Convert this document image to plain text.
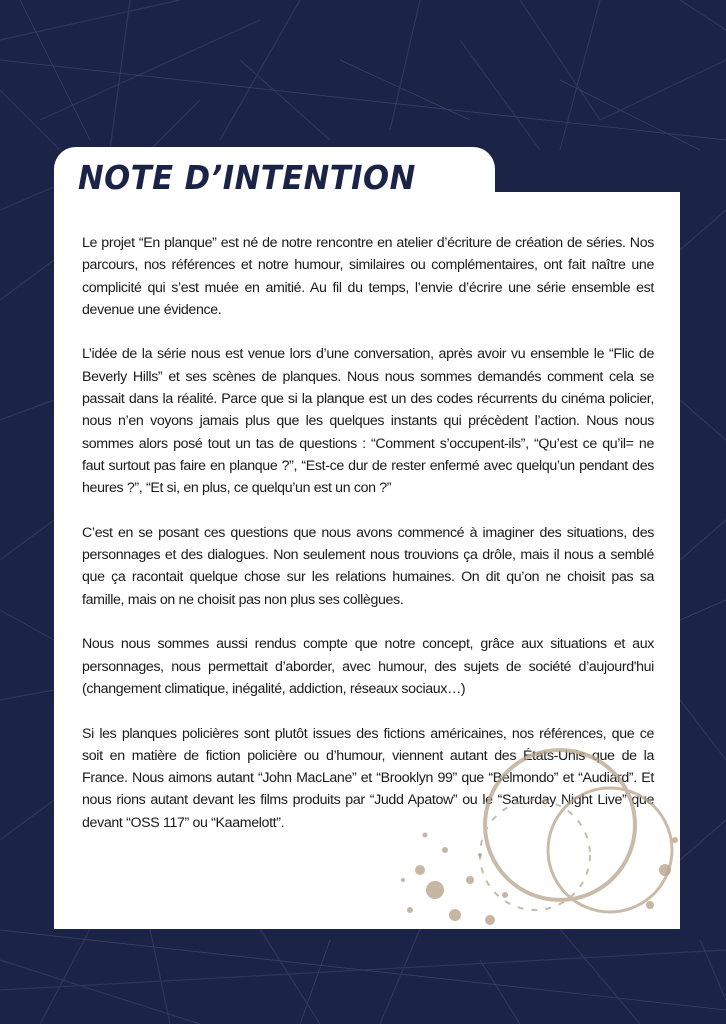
NOTE D’INTENTION

Le projet “En planque” est né de notre rencontre en atelier d’écriture de création de séries. Nos parcours, nos références et notre humour, similaires ou complémentaires, ont fait naître une complicité qui s’est muée en amitié. Au fil du temps, l’envie d’écrire une série ensemble est devenue une évidence.

L’idée de la série nous est venue lors d’une conversation, après avoir vu ensemble le “Flic de Beverly Hills” et ses scènes de planques. Nous nous sommes demandés comment cela se passait dans la réalité. Parce que si la planque est un des codes récurrents du cinéma policier, nous n’en voyons jamais plus que les quelques instants qui précèdent l’action. Nous nous sommes alors posé tout un tas de questions : “Comment s’occupent-ils”, “Qu’est ce qu’il= ne faut surtout pas faire en planque ?”, “Est-ce dur de rester enfermé avec quelqu’un pendant des heures ?”, “Et si, en plus, ce quelqu’un est un con ?”

C’est en se posant ces questions que nous avons commencé à imaginer des situations, des personnages et des dialogues. Non seulement nous trouvions ça drôle, mais il nous a semblé que ça racontait quelque chose sur les relations humaines. On dit qu’on ne choisit pas sa famille, mais on ne choisit pas non plus ses collègues.

Nous nous sommes aussi rendus compte que notre concept, grâce aux situations et aux personnages, nous permettait d’aborder, avec humour, des sujets de société d’aujourd'hui (changement climatique, inégalité, addiction, réseaux sociaux…)

Si les planques policières sont plutôt issues des fictions américaines, nos références, que ce soit en matière de fiction policière ou d’humour, viennent autant des États-Unis que de la France. Nous aimons autant “John MacLane” et “Brooklyn 99” que “Belmondo” et “Audiard”. Et nous rions autant devant les films produits par “Judd Apatow” ou le “Saturday Night Live” que devant “OSS 117” ou “Kaamelott”.
